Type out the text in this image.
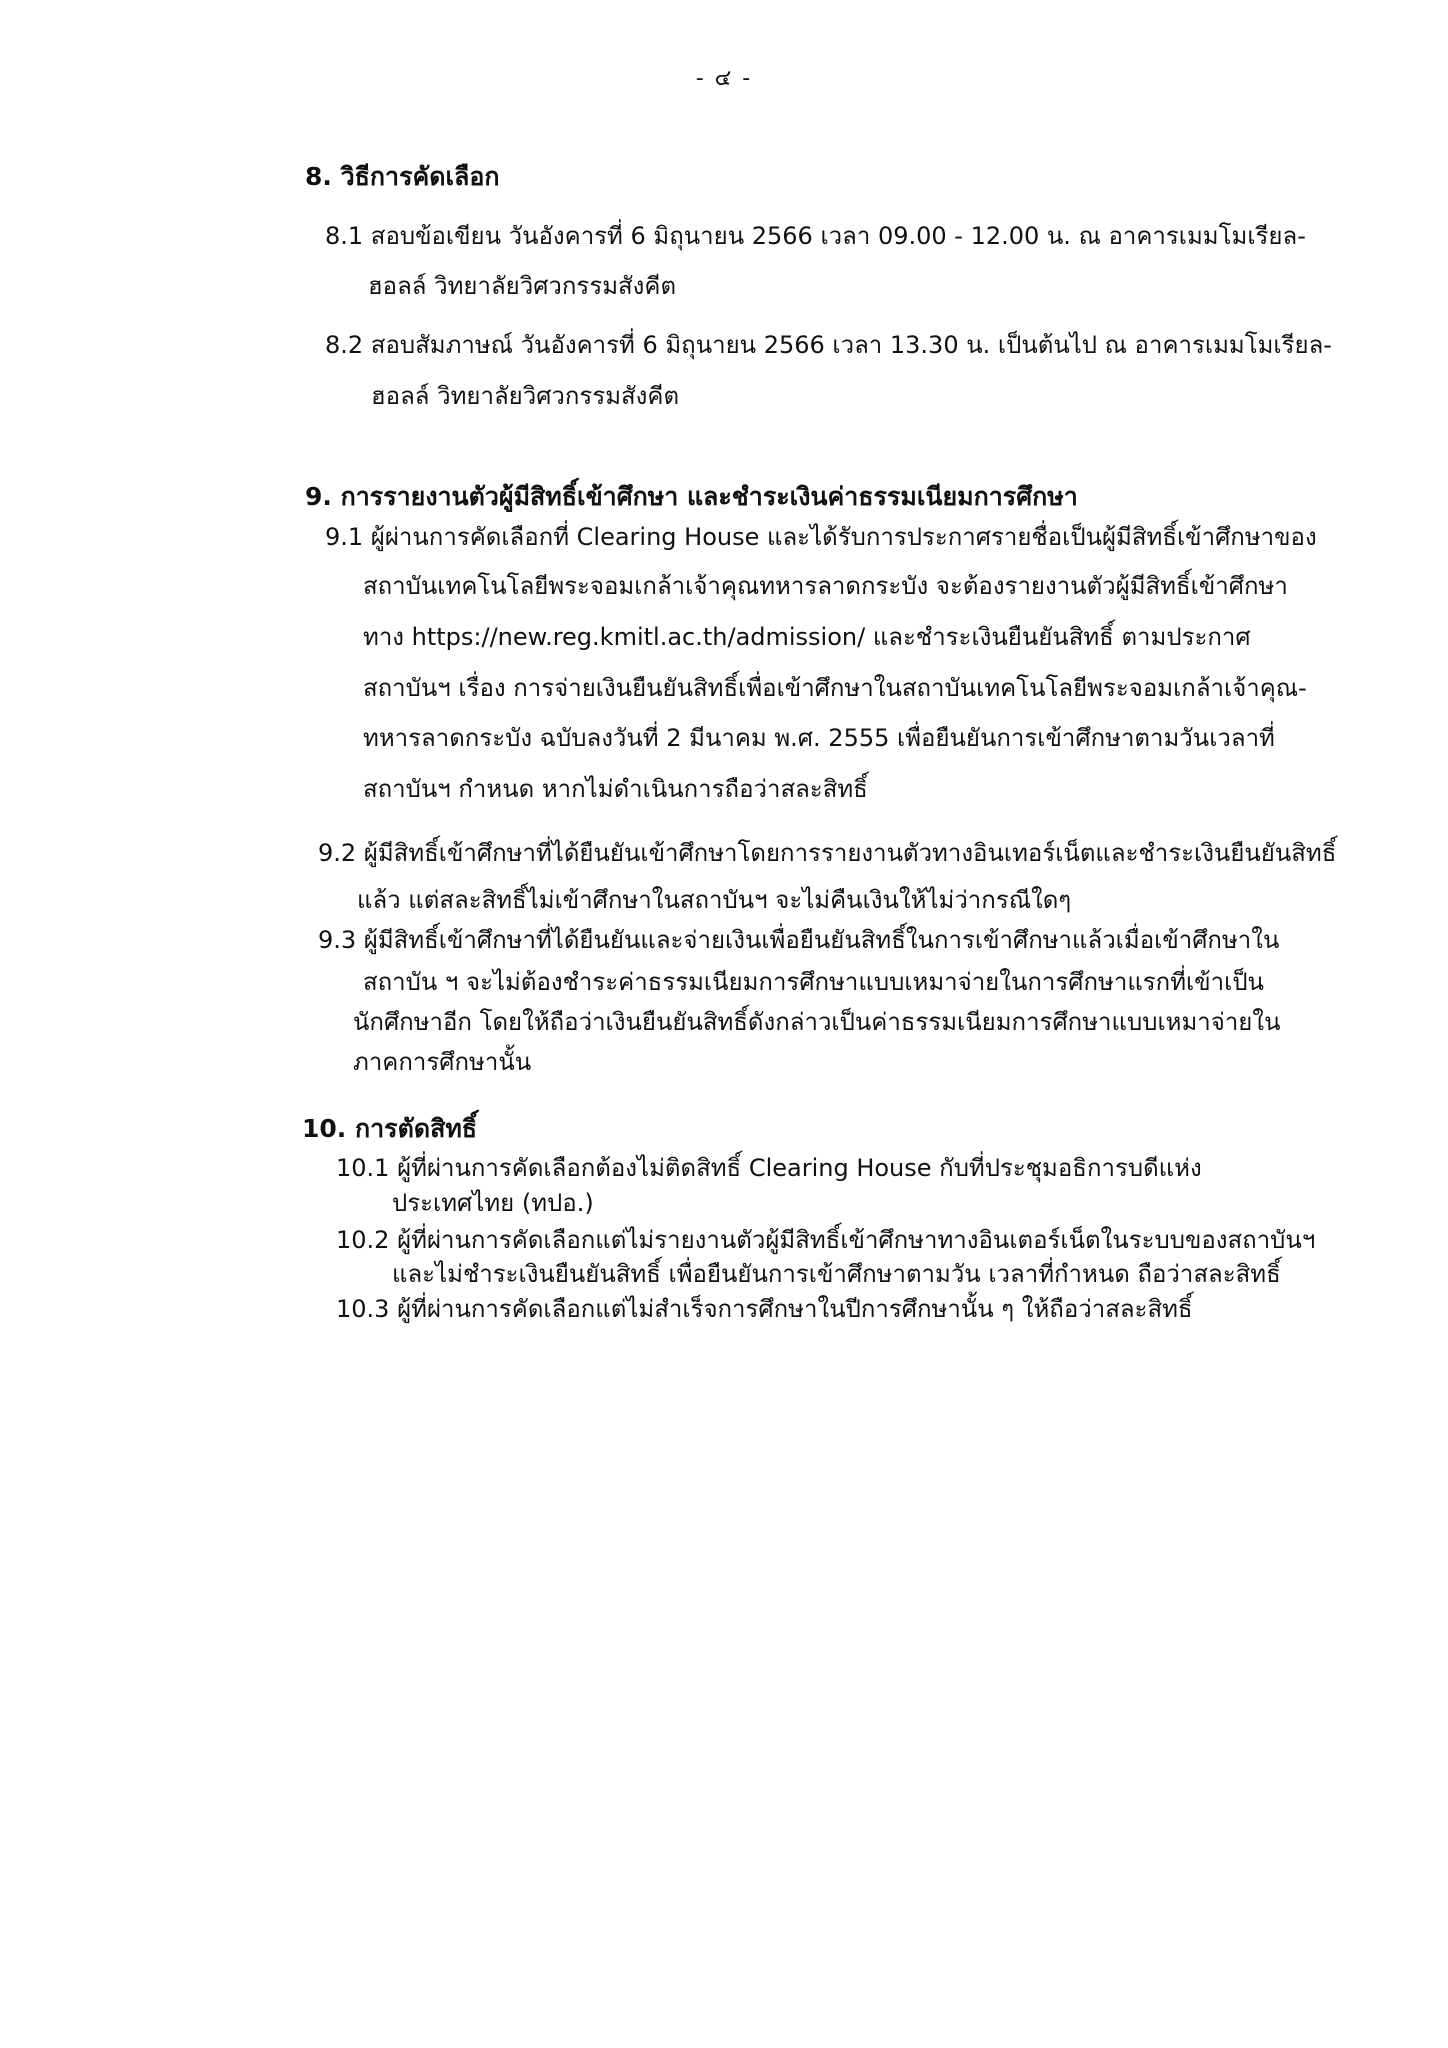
- ๔ -
8. วิธีการคัดเลือก
8.1 สอบข้อเขียน วันอังคารที่ 6 มิถุนายน 2566 เวลา 09.00 - 12.00 น. ณ อาคารเมมโมเรียล-
ฮอลล์ วิทยาลัยวิศวกรรมสังคีต
8.2 สอบสัมภาษณ์ วันอังคารที่ 6 มิถุนายน 2566 เวลา 13.30 น. เป็นต้นไป ณ อาคารเมมโมเรียล-
ฮอลล์ วิทยาลัยวิศวกรรมสังคีต
9. การรายงานตัวผู้มีสิทธิ์เข้าศึกษา และชำระเงินค่าธรรมเนียมการศึกษา
9.1 ผู้ผ่านการคัดเลือกที่ Clearing House และได้รับการประกาศรายชื่อเป็นผู้มีสิทธิ์เข้าศึกษาของ
สถาบันเทคโนโลยีพระจอมเกล้าเจ้าคุณทหารลาดกระบัง จะต้องรายงานตัวผู้มีสิทธิ์เข้าศึกษา
ทาง https://new.reg.kmitl.ac.th/admission/ และชำระเงินยืนยันสิทธิ์ ตามประกาศ
สถาบันฯ เรื่อง การจ่ายเงินยืนยันสิทธิ์เพื่อเข้าศึกษาในสถาบันเทคโนโลยีพระจอมเกล้าเจ้าคุณ-
ทหารลาดกระบัง ฉบับลงวันที่ 2 มีนาคม พ.ศ. 2555 เพื่อยืนยันการเข้าศึกษาตามวันเวลาที่
สถาบันฯ กำหนด หากไม่ดำเนินการถือว่าสละสิทธิ์
9.2 ผู้มีสิทธิ์เข้าศึกษาที่ได้ยืนยันเข้าศึกษาโดยการรายงานตัวทางอินเทอร์เน็ตและชำระเงินยืนยันสิทธิ์
แล้ว แต่สละสิทธิ์ไม่เข้าศึกษาในสถาบันฯ จะไม่คืนเงินให้ไม่ว่ากรณีใดๆ
9.3 ผู้มีสิทธิ์เข้าศึกษาที่ได้ยืนยันและจ่ายเงินเพื่อยืนยันสิทธิ์ในการเข้าศึกษาแล้วเมื่อเข้าศึกษาใน
สถาบัน ฯ จะไม่ต้องชำระค่าธรรมเนียมการศึกษาแบบเหมาจ่ายในการศึกษาแรกที่เข้าเป็น
นักศึกษาอีก โดยให้ถือว่าเงินยืนยันสิทธิ์ดังกล่าวเป็นค่าธรรมเนียมการศึกษาแบบเหมาจ่ายใน
ภาคการศึกษานั้น
10. การตัดสิทธิ์
10.1 ผู้ที่ผ่านการคัดเลือกต้องไม่ติดสิทธิ์ Clearing House กับที่ประชุมอธิการบดีแห่ง
ประเทศไทย (ทปอ.)
10.2 ผู้ที่ผ่านการคัดเลือกแต่ไม่รายงานตัวผู้มีสิทธิ์เข้าศึกษาทางอินเตอร์เน็ตในระบบของสถาบันฯ
และไม่ชำระเงินยืนยันสิทธิ์ เพื่อยืนยันการเข้าศึกษาตามวัน เวลาที่กำหนด ถือว่าสละสิทธิ์
10.3 ผู้ที่ผ่านการคัดเลือกแต่ไม่สำเร็จการศึกษาในปีการศึกษานั้น ๆ ให้ถือว่าสละสิทธิ์
